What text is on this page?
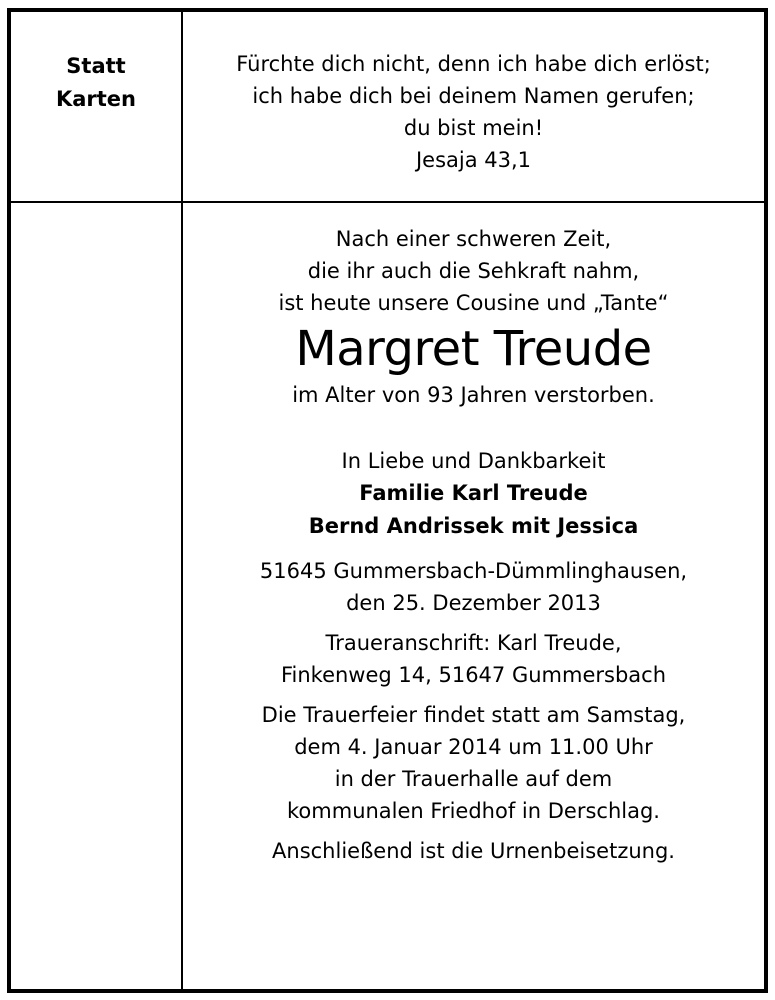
Statt
Karten

Fürchte dich nicht, denn ich habe dich erlöst;

ich habe dich bei deinem Namen gerufen;

du bist mein!

Jesaja 43,1

Nach einer schweren Zeit,

die ihr auch die Sehkraft nahm,

ist heute unsere Cousine und „Tante“

Margret Treude

im Alter von 93 Jahren verstorben.

In Liebe und Dankbarkeit

Familie Karl Treude

Bernd Andrissek mit Jessica

51645 Gummersbach-Dümmlinghausen,

den 25. Dezember 2013

Traueranschrift: Karl Treude,

Finkenweg 14, 51647 Gummersbach

Die Trauerfeier findet statt am Samstag,

dem 4. Januar 2014 um 11.00 Uhr

in der Trauerhalle auf dem

kommunalen Friedhof in Derschlag.

Anschließend ist die Urnenbeisetzung.
